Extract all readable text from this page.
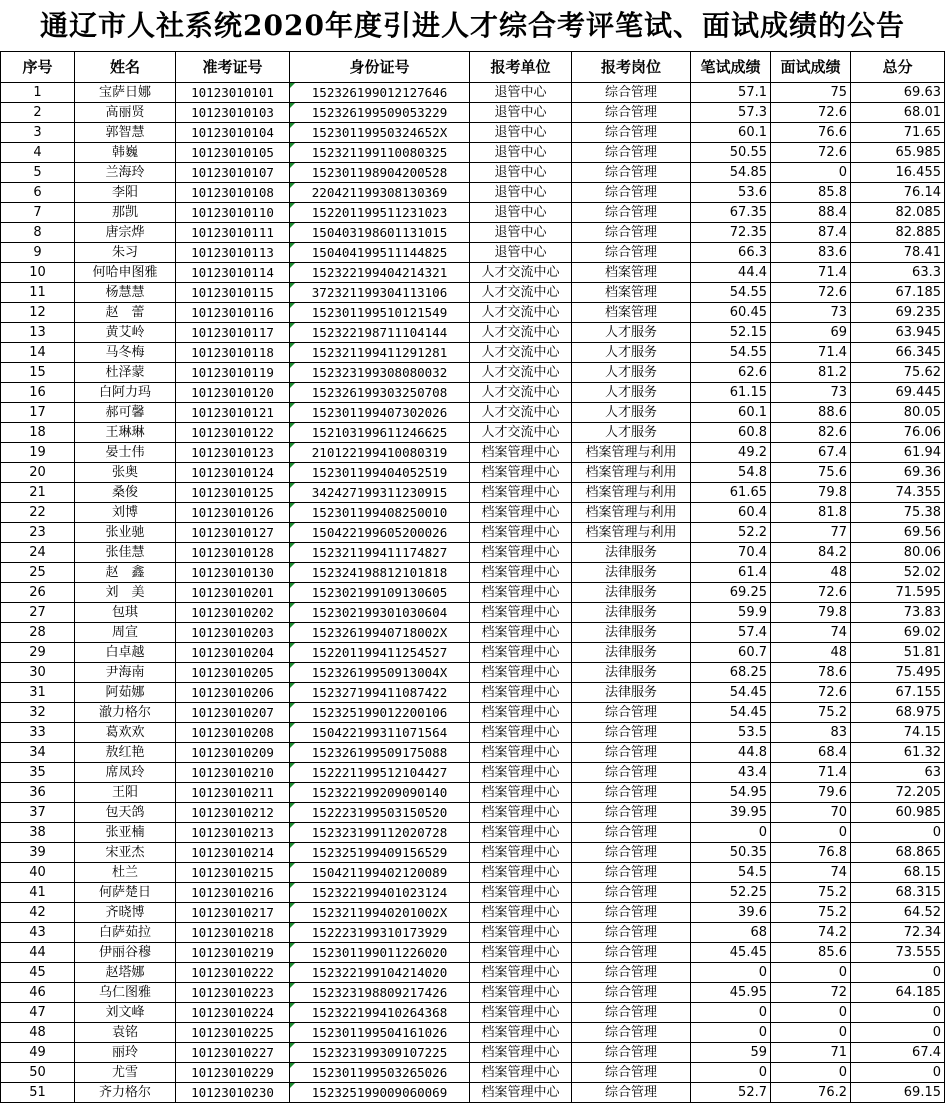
通辽市人社系统2020年度引进人才综合考评笔试、面试成绩的公告
序号	姓名	准考证号	身份证号	报考单位	报考岗位	笔试成绩	面试成绩	总分
1	宝萨日娜	10123010101	152326199012127646	退管中心	综合管理	57.1	75	69.63
2	高丽贤	10123010103	152326199509053229	退管中心	综合管理	57.3	72.6	68.01
3	郭智慧	10123010104	15230119950324652X	退管中心	综合管理	60.1	76.6	71.65
4	韩巍	10123010105	152321199110080325	退管中心	综合管理	50.55	72.6	65.985
5	兰海玲	10123010107	152301198904200528	退管中心	综合管理	54.85	0	16.455
6	李阳	10123010108	220421199308130369	退管中心	综合管理	53.6	85.8	76.14
7	那凯	10123010110	152201199511231023	退管中心	综合管理	67.35	88.4	82.085
8	唐宗烨	10123010111	150403198601131015	退管中心	综合管理	72.35	87.4	82.885
9	朱习	10123010113	150404199511144825	退管中心	综合管理	66.3	83.6	78.41
10	何哈申图雅	10123010114	152322199404214321	人才交流中心	档案管理	44.4	71.4	63.3
11	杨慧慧	10123010115	372321199304113106	人才交流中心	档案管理	54.55	72.6	67.185
12	赵　蕾	10123010116	152301199510121549	人才交流中心	档案管理	60.45	73	69.235
13	黄艾岭	10123010117	152322198711104144	人才交流中心	人才服务	52.15	69	63.945
14	马冬梅	10123010118	152321199411291281	人才交流中心	人才服务	54.55	71.4	66.345
15	杜泽蒙	10123010119	152323199308080032	人才交流中心	人才服务	62.6	81.2	75.62
16	白阿力玛	10123010120	152326199303250708	人才交流中心	人才服务	61.15	73	69.445
17	郝可馨	10123010121	152301199407302026	人才交流中心	人才服务	60.1	88.6	80.05
18	王琳琳	10123010122	152103199611246625	人才交流中心	人才服务	60.8	82.6	76.06
19	晏士伟	10123010123	210122199410080319	档案管理中心	档案管理与利用	49.2	67.4	61.94
20	张奥	10123010124	152301199404052519	档案管理中心	档案管理与利用	54.8	75.6	69.36
21	桑俊	10123010125	342427199311230915	档案管理中心	档案管理与利用	61.65	79.8	74.355
22	刘博	10123010126	152301199408250010	档案管理中心	档案管理与利用	60.4	81.8	75.38
23	张业驰	10123010127	150422199605200026	档案管理中心	档案管理与利用	52.2	77	69.56
24	张佳慧	10123010128	152321199411174827	档案管理中心	法律服务	70.4	84.2	80.06
25	赵　鑫	10123010130	152324198812101818	档案管理中心	法律服务	61.4	48	52.02
26	刘　美	10123010201	152302199109130605	档案管理中心	法律服务	69.25	72.6	71.595
27	包琪	10123010202	152302199301030604	档案管理中心	法律服务	59.9	79.8	73.83
28	周宣	10123010203	15232619940718002X	档案管理中心	法律服务	57.4	74	69.02
29	白卓越	10123010204	152201199411254527	档案管理中心	法律服务	60.7	48	51.81
30	尹海南	10123010205	15232619950913004X	档案管理中心	法律服务	68.25	78.6	75.495
31	阿茹娜	10123010206	152327199411087422	档案管理中心	法律服务	54.45	72.6	67.155
32	澈力格尔	10123010207	152325199012200106	档案管理中心	综合管理	54.45	75.2	68.975
33	葛欢欢	10123010208	150422199311071564	档案管理中心	综合管理	53.5	83	74.15
34	敖红艳	10123010209	152326199509175088	档案管理中心	综合管理	44.8	68.4	61.32
35	席凤玲	10123010210	152221199512104427	档案管理中心	综合管理	43.4	71.4	63
36	王阳	10123010211	152322199209090140	档案管理中心	综合管理	54.95	79.6	72.205
37	包天鸽	10123010212	152223199503150520	档案管理中心	综合管理	39.95	70	60.985
38	张亚楠	10123010213	152323199112020728	档案管理中心	综合管理	0	0	0
39	宋亚杰	10123010214	152325199409156529	档案管理中心	综合管理	50.35	76.8	68.865
40	杜兰	10123010215	150421199402120089	档案管理中心	综合管理	54.5	74	68.15
41	何萨楚日	10123010216	152322199401023124	档案管理中心	综合管理	52.25	75.2	68.315
42	齐晓博	10123010217	15232119940201002X	档案管理中心	综合管理	39.6	75.2	64.52
43	白萨茹拉	10123010218	152223199310173929	档案管理中心	综合管理	68	74.2	72.34
44	伊丽谷穆	10123010219	152301199011226020	档案管理中心	综合管理	45.45	85.6	73.555
45	赵塔娜	10123010222	152322199104214020	档案管理中心	综合管理	0	0	0
46	乌仁图雅	10123010223	152323198809217426	档案管理中心	综合管理	45.95	72	64.185
47	刘文峰	10123010224	152322199410264368	档案管理中心	综合管理	0	0	0
48	袁铭	10123010225	152301199504161026	档案管理中心	综合管理	0	0	0
49	丽玲	10123010227	152323199309107225	档案管理中心	综合管理	59	71	67.4
50	尤雪	10123010229	152301199503265026	档案管理中心	综合管理	0	0	0
51	齐力格尔	10123010230	152325199009060069	档案管理中心	综合管理	52.7	76.2	69.15
